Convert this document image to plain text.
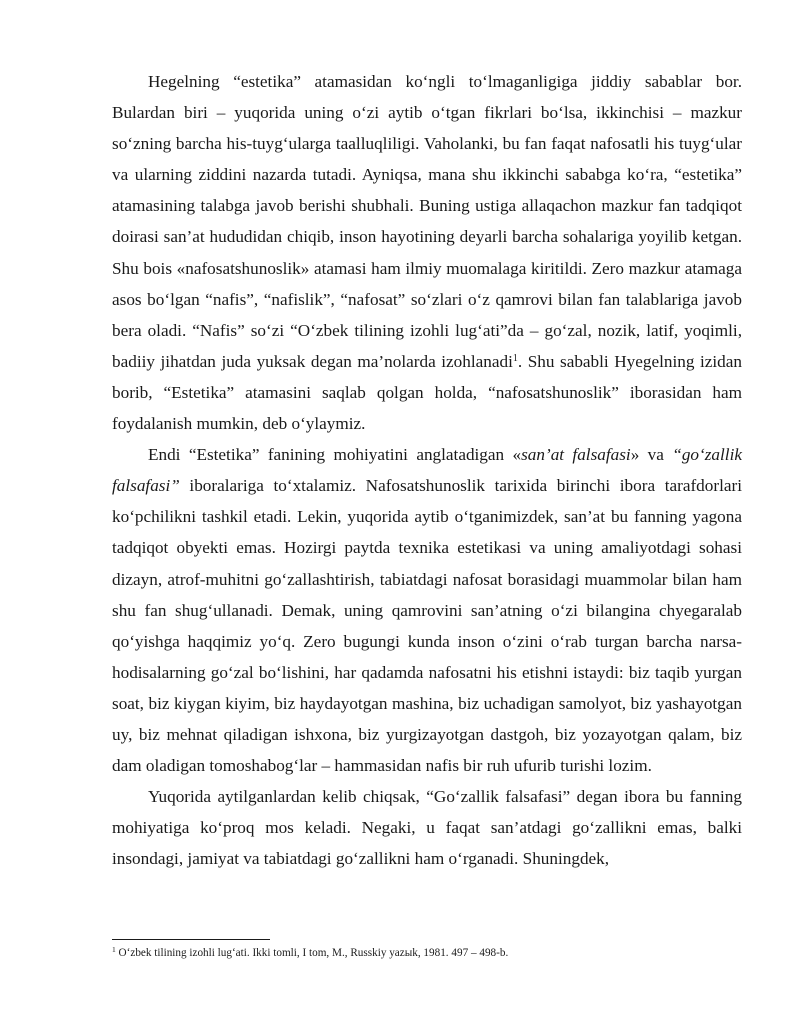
Hegelning “estetika” atamasidan ko‘ngli to‘lmaganligiga jiddiy sabablar bor. Bulardan biri – yuqorida uning o‘zi aytib o‘tgan fikrlari bo‘lsa, ikkinchisi – mazkur so‘zning barcha his-tuyg‘ularga taalluqliligi. Vaholanki, bu fan faqat nafosatli his tuyg‘ular va ularning ziddini nazarda tutadi. Ayniqsa, mana shu ikkinchi sababga ko‘ra, “estetika” atamasining talabga javob berishi shubhali. Buning ustiga allaqachon mazkur fan tadqiqot doirasi san’at hududidan chiqib, inson hayotining deyarli barcha sohalariga yoyilib ketgan. Shu bois «nafosatshunoslik» atamasi ham ilmiy muomalaga kiritildi. Zero mazkur atamaga asos bo‘lgan “nafis”, “nafislik”, “nafosat” so‘zlari o‘z qamrovi bilan fan talablariga javob bera oladi. “Nafis” so‘zi “O‘zbek tilining izohli lug‘ati”da – go‘zal, nozik, latif, yoqimli, badiiy jihatdan juda yuksak degan ma’nolarda izohlanadi$^1$. Shu sababli Hyegelning izidan borib, “Estetika” atamasini saqlab qolgan holda, “nafosatshunoslik” iborasidan ham foydalanish mumkin, deb o‘ylaymiz.

Endi “Estetika” fanining mohiyatini anglatadigan «san’at falsafasi» va “go‘zallik falsafasi” iboralariga to‘xtalamiz. Nafosatshunoslik tarixida birinchi ibora tarafdorlari ko‘pchilikni tashkil etadi. Lekin, yuqorida aytib o‘tganimizdek, san’at bu fanning yagona tadqiqot obyekti emas. Hozirgi paytda texnika estetikasi va uning amaliyotdagi sohasi dizayn, atrof-muhitni go‘zallashtirish, tabiatdagi nafosat borasidagi muammolar bilan ham shu fan shug‘ullanadi. Demak, uning qamrovini san’atning o‘zi bilangina chyegaralab qo‘yishga haqqimiz yo‘q. Zero bugungi kunda inson o‘zini o‘rab turgan barcha narsa-hodisalarning go‘zal bo‘lishini, har qadamda nafosatni his etishni istaydi: biz taqib yurgan soat, biz kiygan kiyim, biz haydayotgan mashina, biz uchadigan samolyot, biz yashayotgan uy, biz mehnat qiladigan ishxona, biz yurgizayotgan dastgoh, biz yozayotgan qalam, biz dam oladigan tomoshabog‘lar – hammasidan nafis bir ruh ufurib turishi lozim.

Yuqorida aytilganlardan kelib chiqsak, “Go‘zallik falsafasi” degan ibora bu fanning mohiyatiga ko‘proq mos keladi. Negaki, u faqat san’atdagi go‘zallikni emas, balki insondagi, jamiyat va tabiatdagi go‘zallikni ham o‘rganadi. Shuningdek,

$^1$ O‘zbek tilining izohli lug‘ati. Ikki tomli, I tom, M., Russkiy yazыk, 1981. 497 – 498-b.
